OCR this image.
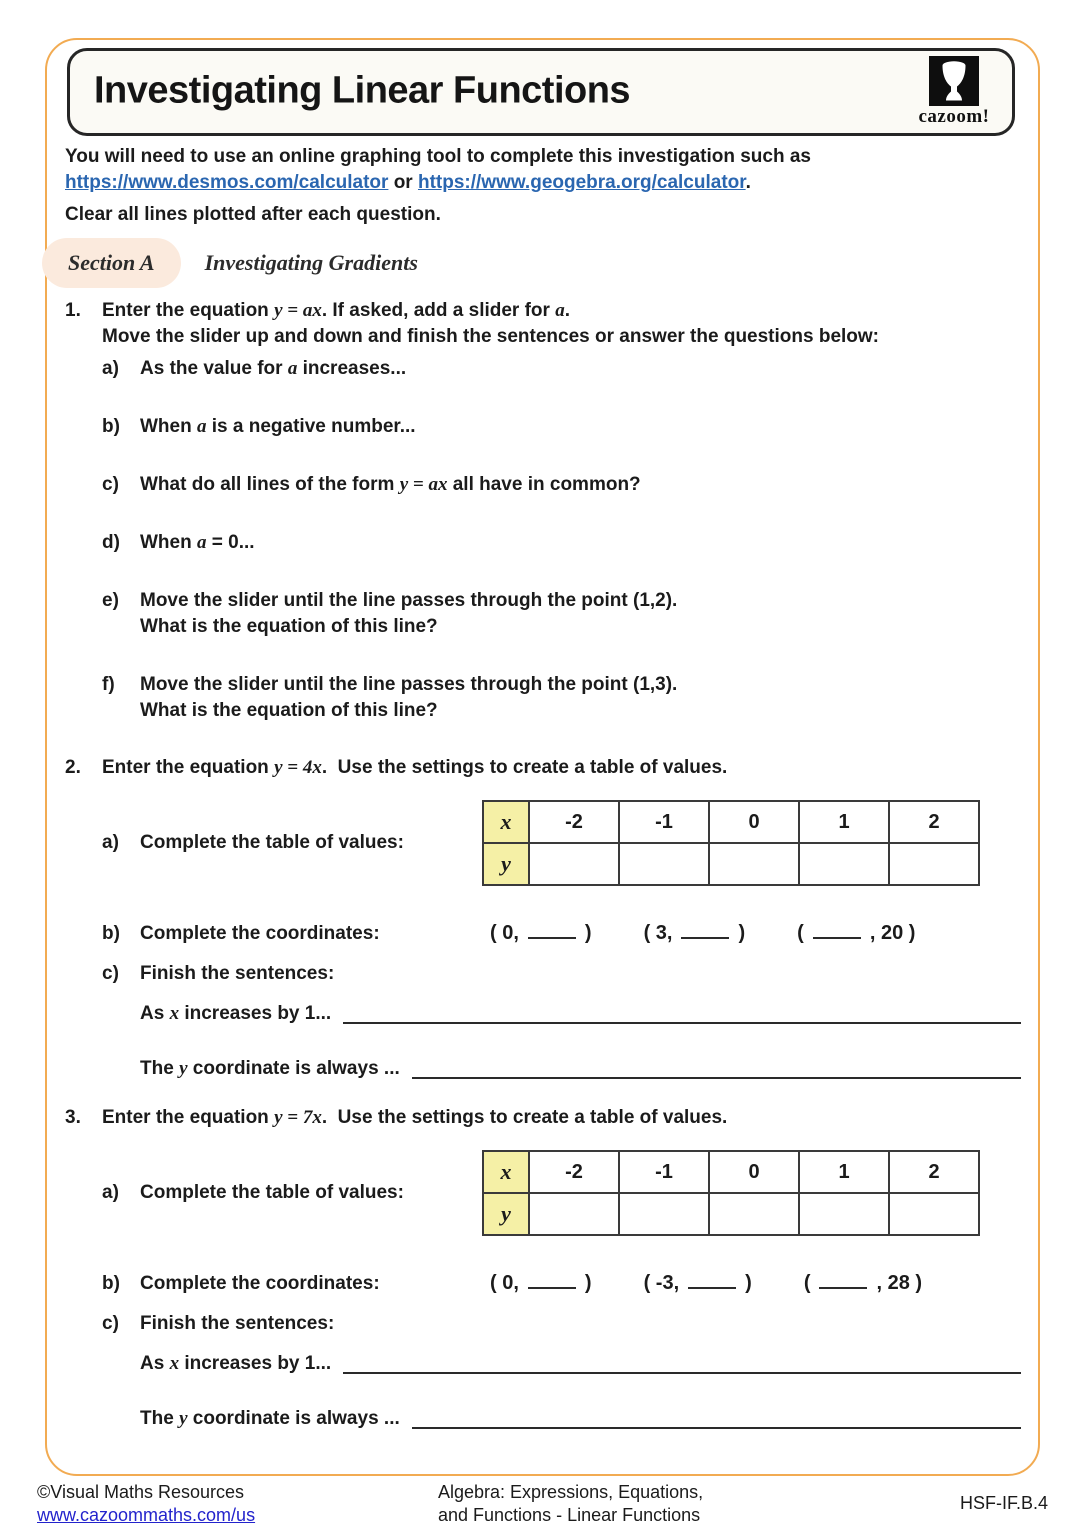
Investigating Linear Functions
cazoom!
You will need to use an online graphing tool to complete this investigation such as
https://www.desmos.com/calculator or https://www.geogebra.org/calculator.
Clear all lines plotted after each question.
Section A	Investigating Gradients
1.	Enter the equation y = ax. If asked, add a slider for a.
Move the slider up and down and finish the sentences or answer the questions below:
a)	As the value for a increases...
b)	When a is a negative number...
c)	What do all lines of the form y = ax all have in common?
d)	When a = 0...
e)	Move the slider until the line passes through the point (1,2).
What is the equation of this line?
f)	Move the slider until the line passes through the point (1,3).
What is the equation of this line?
2.	Enter the equation y = 4x.  Use the settings to create a table of values.
a)	Complete the table of values:
x	-2	-1	0	1	2
y					
b)	Complete the coordinates:	( 0,	)	( 3,	)	(	, 20 )
c)	Finish the sentences:
As x increases by 1...
The y coordinate is always ...
3.	Enter the equation y = 7x.  Use the settings to create a table of values.
a)	Complete the table of values:
x	-2	-1	0	1	2
y					
b)	Complete the coordinates:	( 0,	)	( -3,	)	(	, 28 )
c)	Finish the sentences:
As x increases by 1...
The y coordinate is always ...
©Visual Maths Resources
www.cazoommaths.com/us
Algebra: Expressions, Equations,
and Functions - Linear Functions
HSF-IF.B.4
